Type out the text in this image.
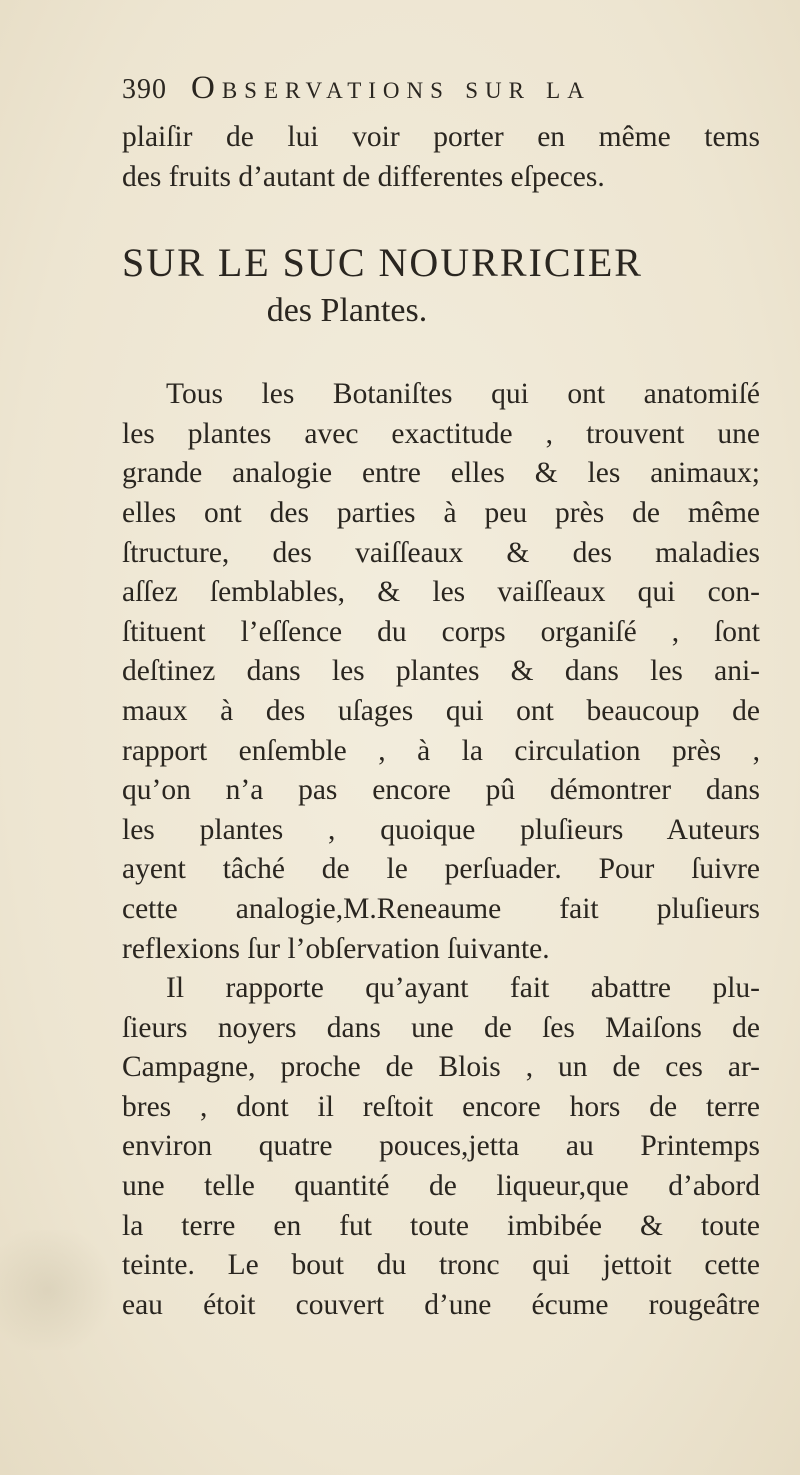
390 Observations sur la
plaiſir de lui voir porter en même tems
des fruits d’autant de differentes eſpeces.
SUR LE SUC NOURRICIER
des Plantes.
Tous les Botaniſtes qui ont anatomiſé
les plantes avec exactitude , trouvent une
grande analogie entre elles & les animaux;
elles ont des parties à peu près de même
ſtructure, des vaiſſeaux & des maladies
aſſez ſemblables, & les vaiſſeaux qui con-
ſtituent l’eſſence du corps organiſé , ſont
deſtinez dans les plantes & dans les ani-
maux à des uſages qui ont beaucoup de
rapport enſemble , à la circulation près ,
qu’on n’a pas encore pû démontrer dans
les plantes , quoique pluſieurs Auteurs
ayent tâché de le perſuader. Pour ſuivre
cette analogie,M.Reneaume fait pluſieurs
reflexions ſur l’obſervation ſuivante.
Il rapporte qu’ayant fait abattre plu-
ſieurs noyers dans une de ſes Maiſons de
Campagne, proche de Blois , un de ces ar-
bres , dont il reſtoit encore hors de terre
environ quatre pouces,jetta au Printemps
une telle quantité de liqueur,que d’abord
la terre en fut toute imbibée & toute
teinte. Le bout du tronc qui jettoit cette
eau étoit couvert d’une écume rougeâtre
